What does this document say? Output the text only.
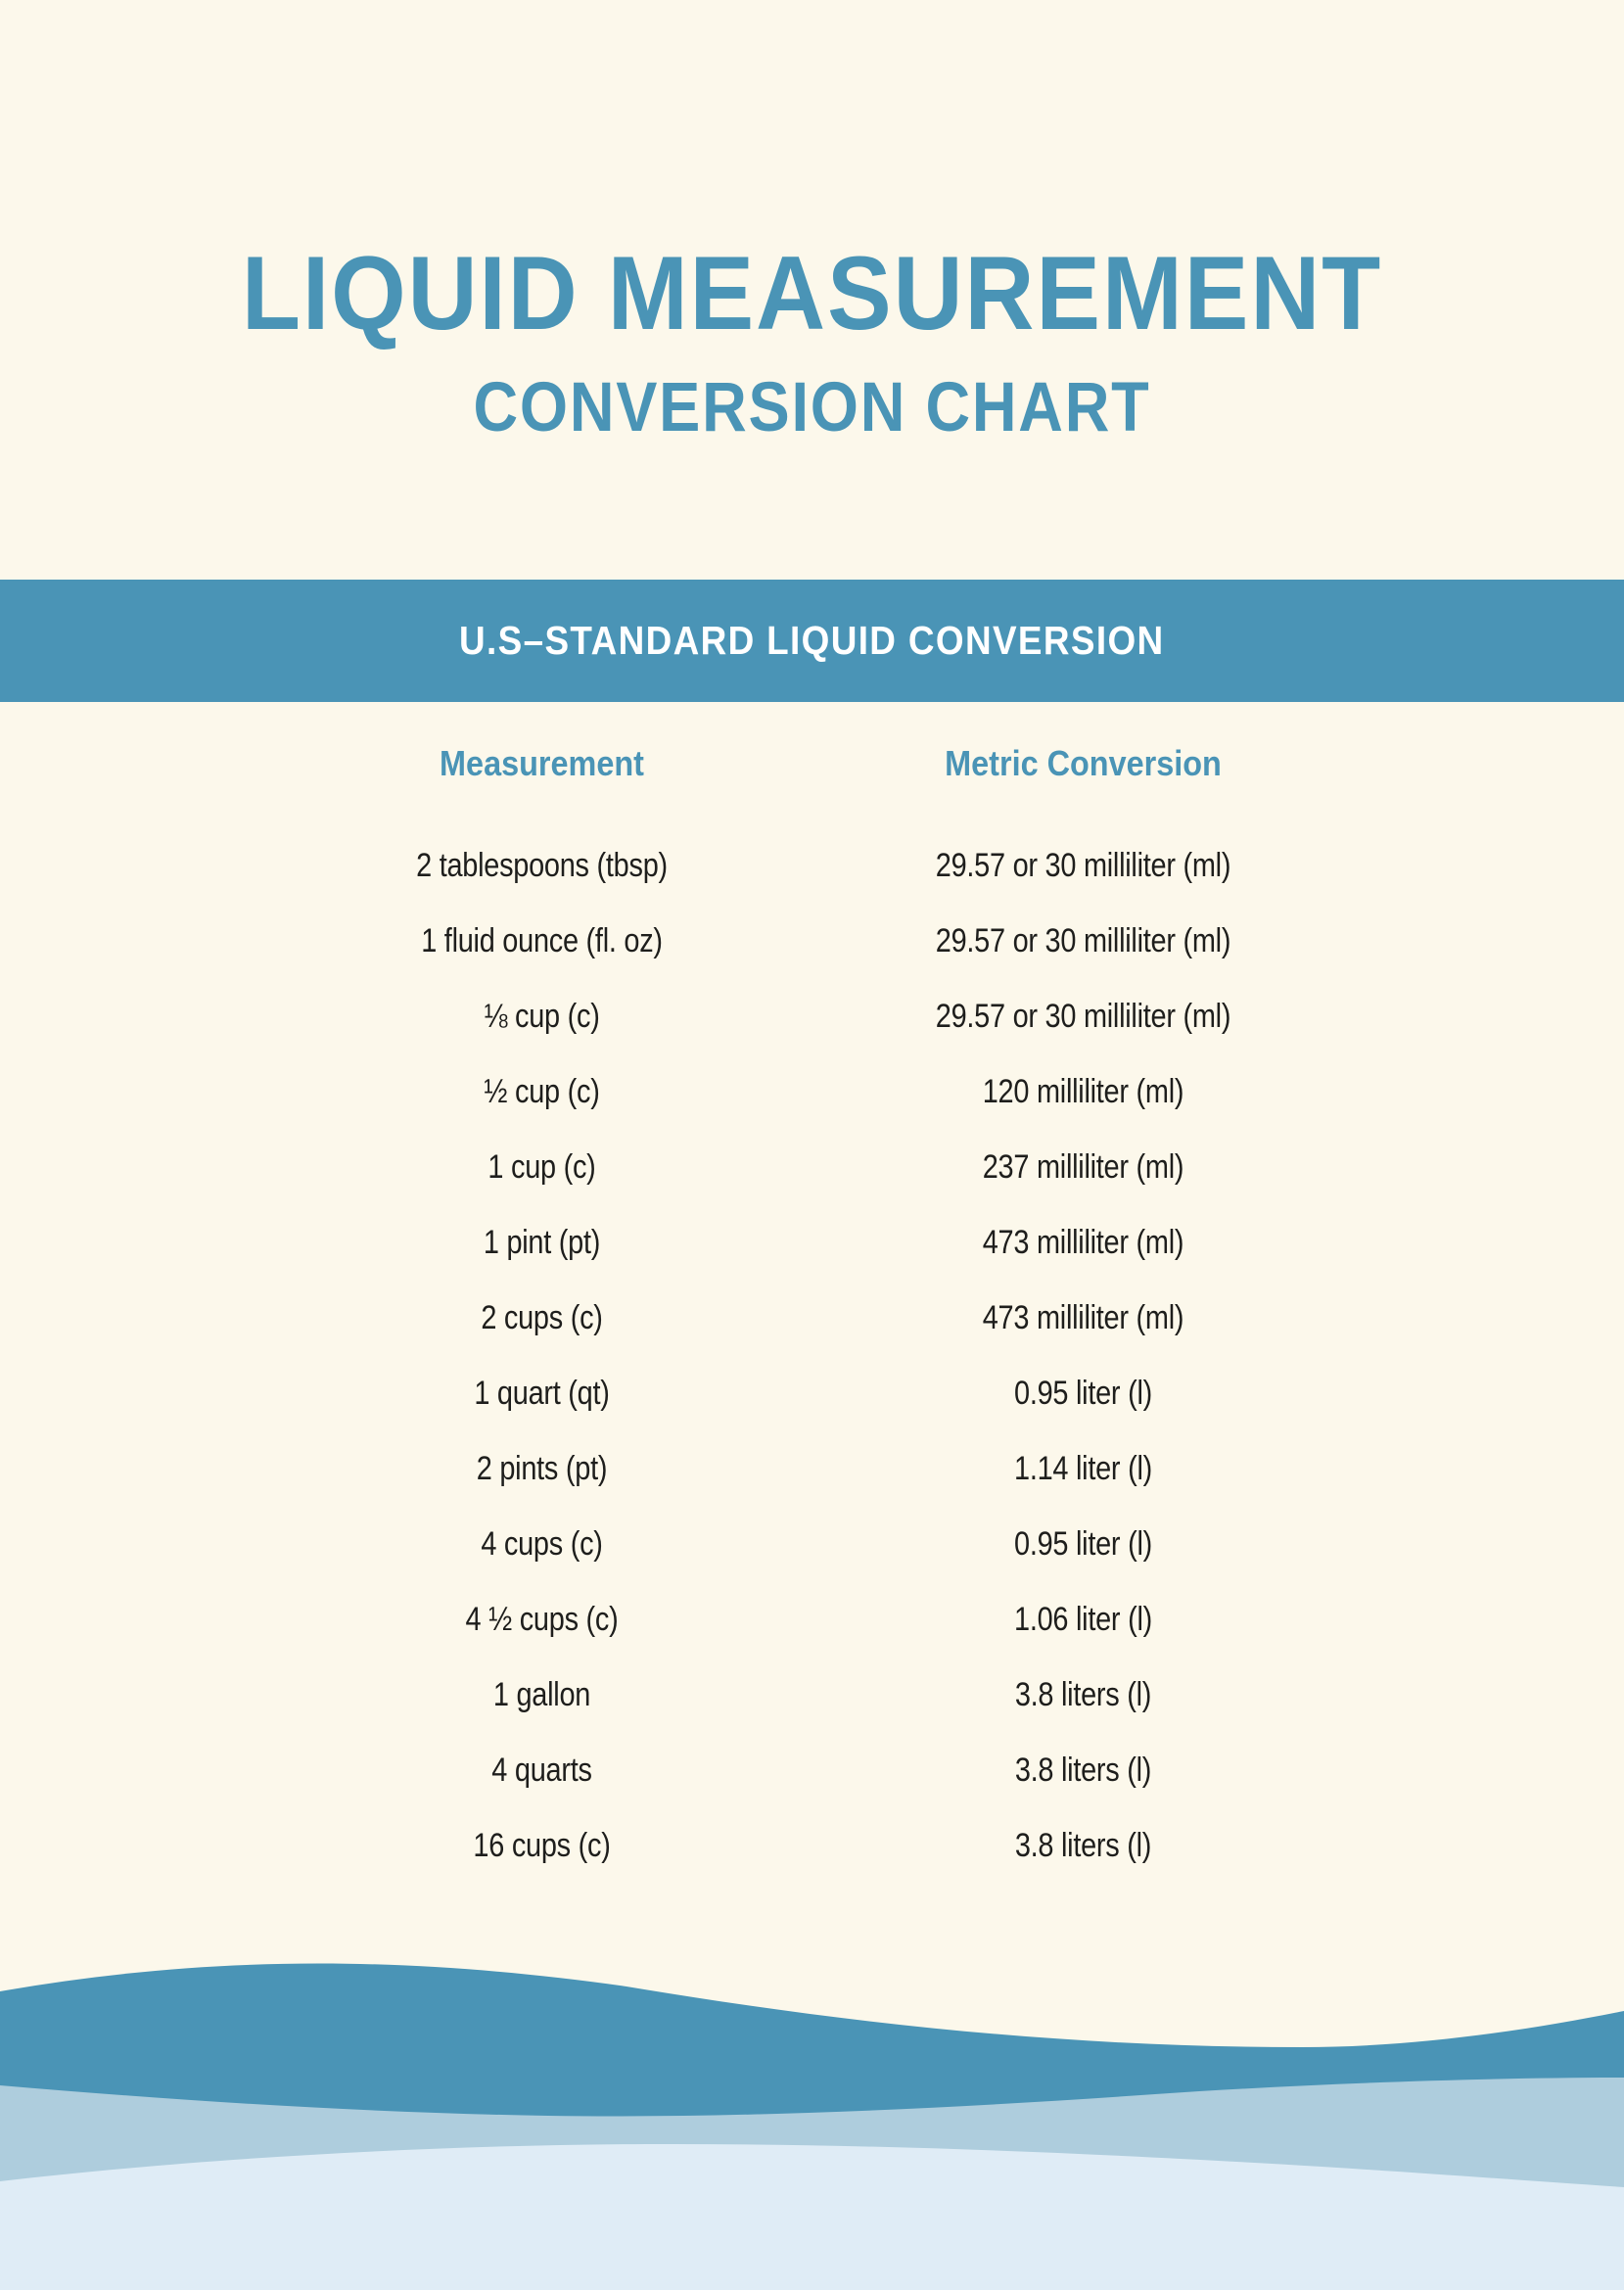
LIQUID MEASUREMENT
CONVERSION CHART
U.S–STANDARD LIQUID CONVERSION
Measurement	Metric Conversion
2 tablespoons (tbsp)	29.57 or 30 milliliter (ml)
1 fluid ounce (fl. oz)	29.57 or 30 milliliter (ml)
⅛ cup (c)	29.57 or 30 milliliter (ml)
½ cup (c)	120 milliliter (ml)
1 cup (c)	237 milliliter (ml)
1 pint (pt)	473 milliliter (ml)
2 cups (c)	473 milliliter (ml)
1 quart (qt)	0.95 liter (l)
2 pints (pt)	1.14 liter (l)
4 cups (c)	0.95 liter (l)
4 ½ cups (c)	1.06 liter (l)
1 gallon	3.8 liters (l)
4 quarts	3.8 liters (l)
16 cups (c)	3.8 liters (l)
